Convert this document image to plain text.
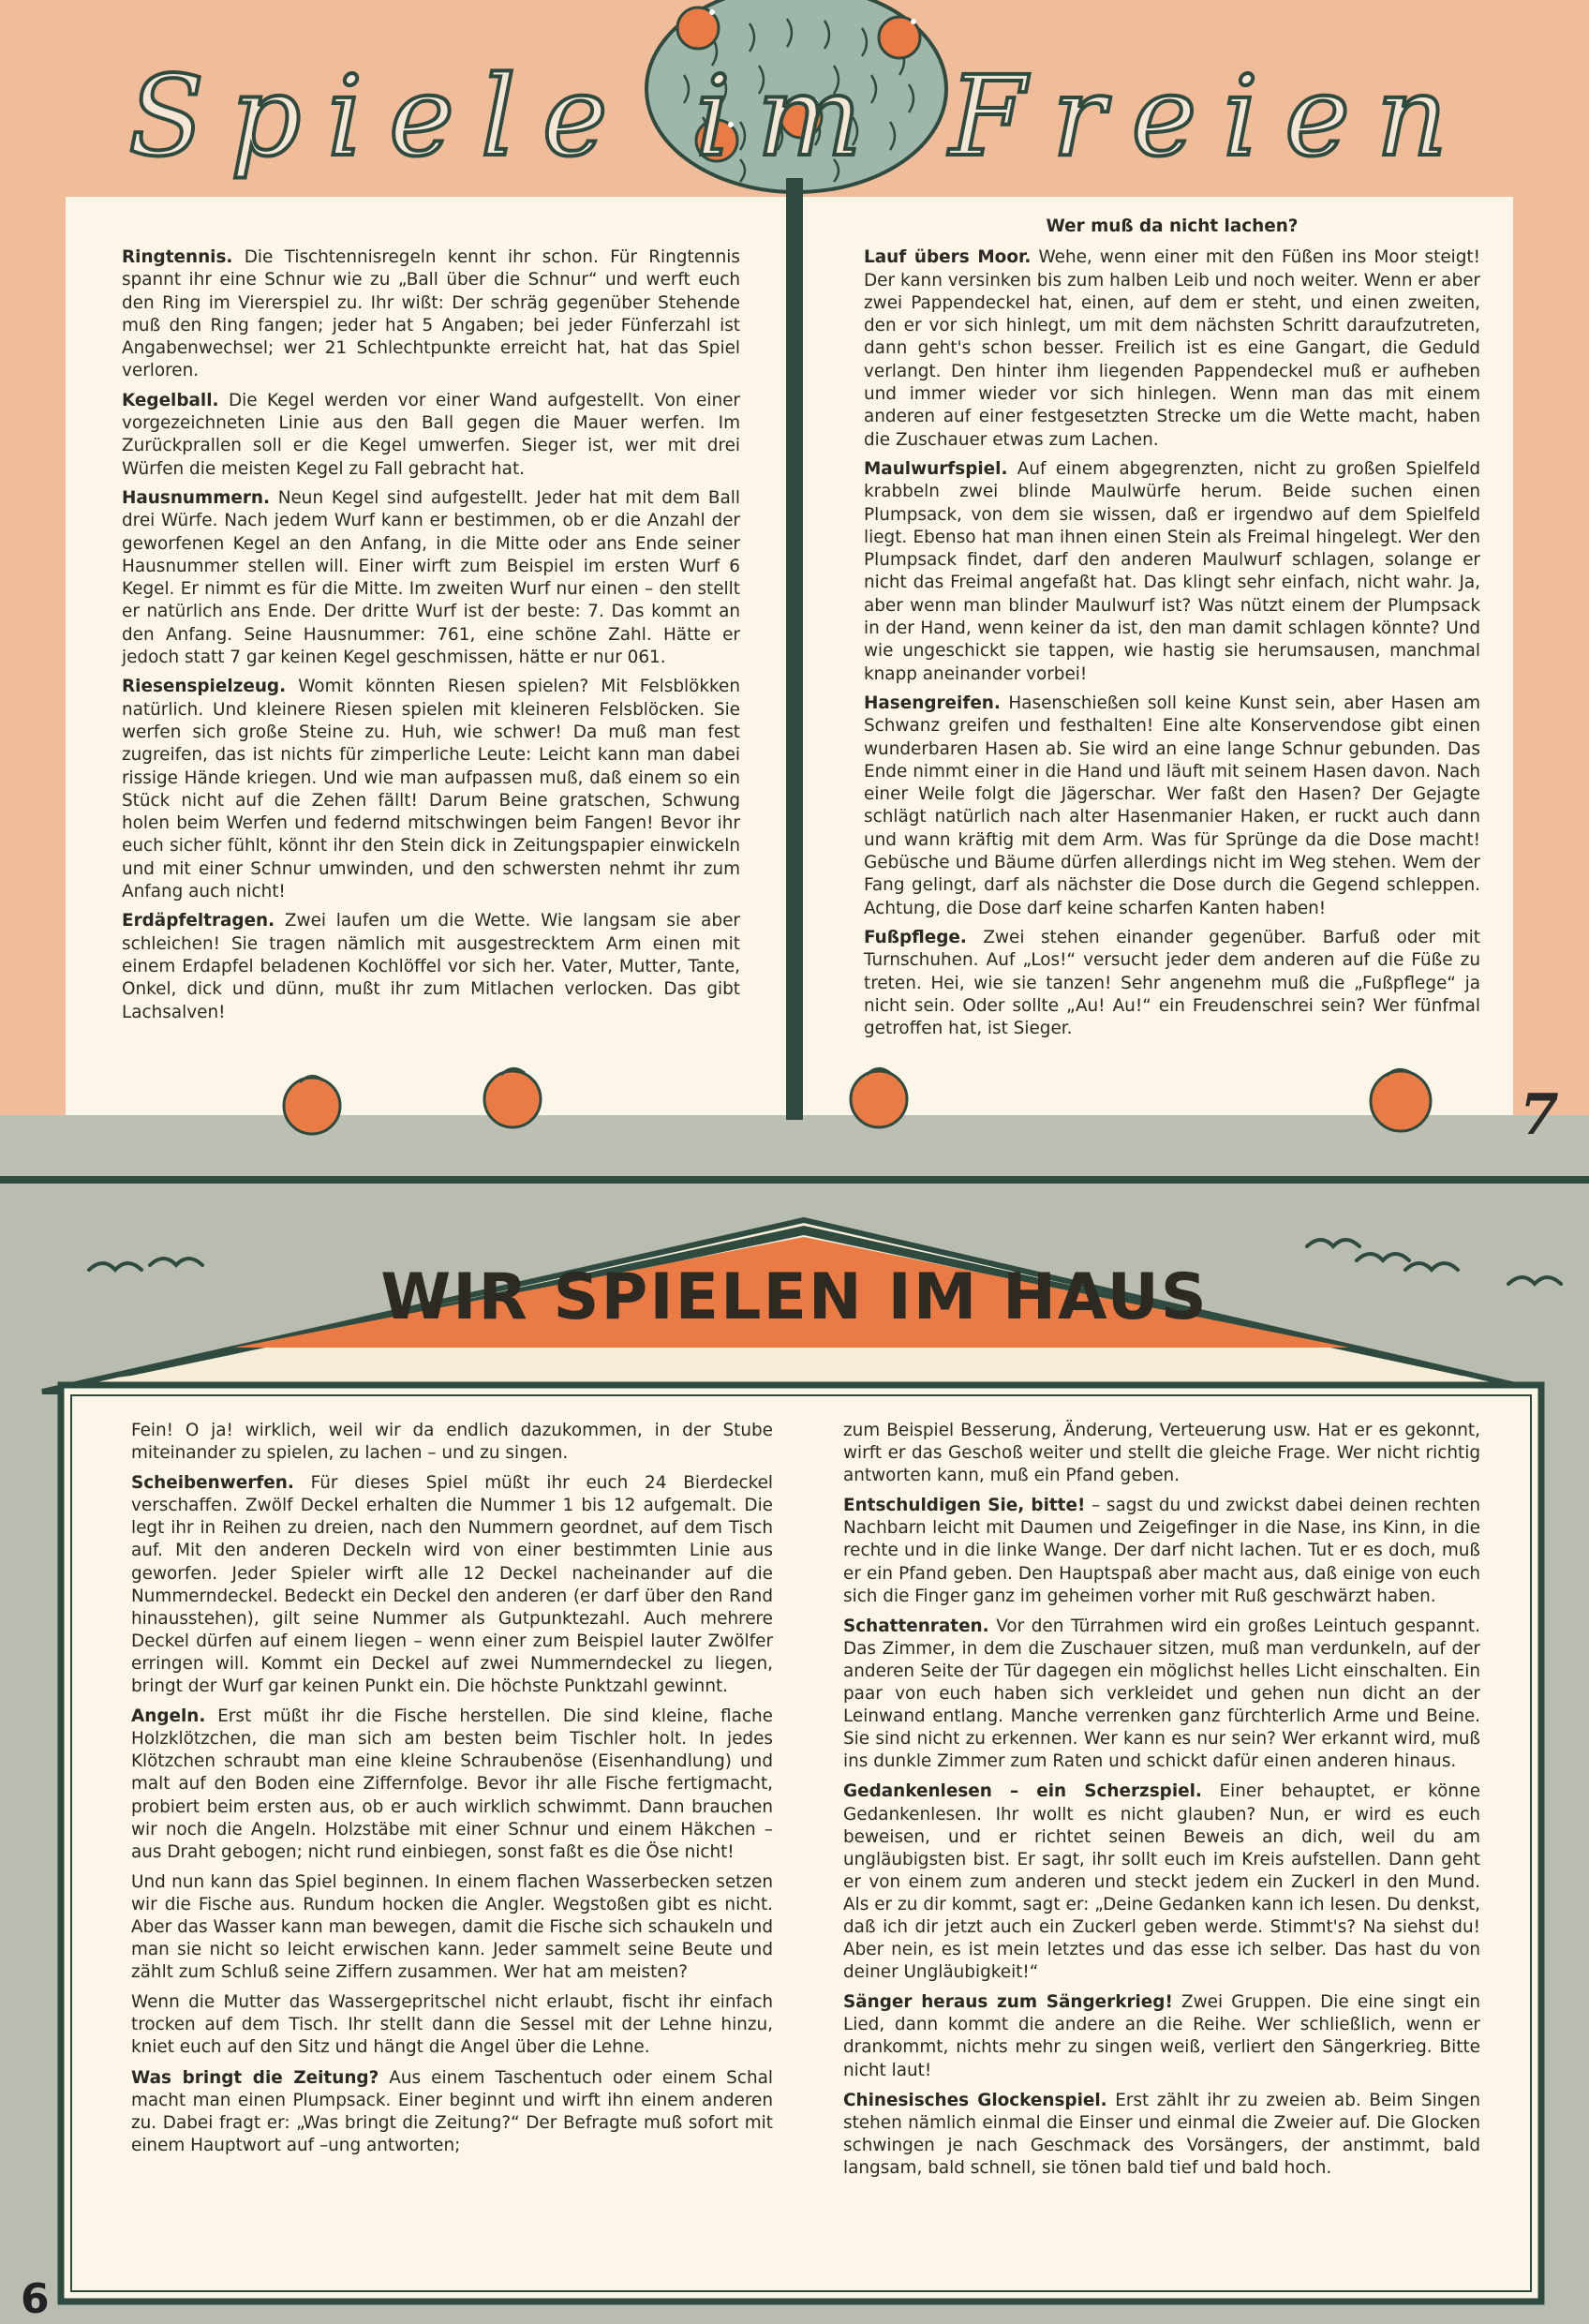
Spiele im Freien

Ringtennis. Die Tischtennisregeln kennt ihr schon. Für Ringtennis spannt ihr eine Schnur wie zu „Ball über die Schnur“ und werft euch den Ring im Viererspiel zu. Ihr wißt: Der schräg gegenüber Stehende muß den Ring fangen; jeder hat 5 Angaben; bei jeder Fünferzahl ist Angabenwechsel; wer 21 Schlechtpunkte erreicht hat, hat das Spiel verloren.

Kegelball. Die Kegel werden vor einer Wand aufgestellt. Von einer vorgezeichneten Linie aus den Ball gegen die Mauer werfen. Im Zurückprallen soll er die Kegel umwerfen. Sieger ist, wer mit drei Würfen die meisten Kegel zu Fall gebracht hat.

Hausnummern. Neun Kegel sind aufgestellt. Jeder hat mit dem Ball drei Würfe. Nach jedem Wurf kann er bestimmen, ob er die Anzahl der geworfenen Kegel an den Anfang, in die Mitte oder ans Ende seiner Hausnummer stellen will. Einer wirft zum Beispiel im ersten Wurf 6 Kegel. Er nimmt es für die Mitte. Im zweiten Wurf nur einen – den stellt er natürlich ans Ende. Der dritte Wurf ist der beste: 7. Das kommt an den Anfang. Seine Hausnummer: 761, eine schöne Zahl. Hätte er jedoch statt 7 gar keinen Kegel geschmissen, hätte er nur 061.

Riesenspielzeug. Womit könnten Riesen spielen? Mit Felsblökken natürlich. Und kleinere Riesen spielen mit kleineren Felsblöcken. Sie werfen sich große Steine zu. Huh, wie schwer! Da muß man fest zugreifen, das ist nichts für zimperliche Leute: Leicht kann man dabei rissige Hände kriegen. Und wie man aufpassen muß, daß einem so ein Stück nicht auf die Zehen fällt! Darum Beine gratschen, Schwung holen beim Werfen und federnd mitschwingen beim Fangen! Bevor ihr euch sicher fühlt, könnt ihr den Stein dick in Zeitungspapier einwickeln und mit einer Schnur umwinden, und den schwersten nehmt ihr zum Anfang auch nicht!

Erdäpfeltragen. Zwei laufen um die Wette. Wie langsam sie aber schleichen! Sie tragen nämlich mit ausgestrecktem Arm einen mit einem Erdapfel beladenen Kochlöffel vor sich her. Vater, Mutter, Tante, Onkel, dick und dünn, mußt ihr zum Mitlachen verlocken. Das gibt Lachsalven!

Wer muß da nicht lachen?

Lauf übers Moor. Wehe, wenn einer mit den Füßen ins Moor steigt! Der kann versinken bis zum halben Leib und noch weiter. Wenn er aber zwei Pappendeckel hat, einen, auf dem er steht, und einen zweiten, den er vor sich hinlegt, um mit dem nächsten Schritt daraufzutreten, dann geht's schon besser. Freilich ist es eine Gangart, die Geduld verlangt. Den hinter ihm liegenden Pappendeckel muß er aufheben und immer wieder vor sich hinlegen. Wenn man das mit einem anderen auf einer festgesetzten Strecke um die Wette macht, haben die Zuschauer etwas zum Lachen.

Maulwurfspiel. Auf einem abgegrenzten, nicht zu großen Spielfeld krabbeln zwei blinde Maulwürfe herum. Beide suchen einen Plumpsack, von dem sie wissen, daß er irgendwo auf dem Spielfeld liegt. Ebenso hat man ihnen einen Stein als Freimal hingelegt. Wer den Plumpsack findet, darf den anderen Maulwurf schlagen, solange er nicht das Freimal angefaßt hat. Das klingt sehr einfach, nicht wahr. Ja, aber wenn man blinder Maulwurf ist? Was nützt einem der Plumpsack in der Hand, wenn keiner da ist, den man damit schlagen könnte? Und wie ungeschickt sie tappen, wie hastig sie herumsausen, manchmal knapp aneinander vorbei!

Hasengreifen. Hasenschießen soll keine Kunst sein, aber Hasen am Schwanz greifen und festhalten! Eine alte Konservendose gibt einen wunderbaren Hasen ab. Sie wird an eine lange Schnur gebunden. Das Ende nimmt einer in die Hand und läuft mit seinem Hasen davon. Nach einer Weile folgt die Jägerschar. Wer faßt den Hasen? Der Gejagte schlägt natürlich nach alter Hasenmanier Haken, er ruckt auch dann und wann kräftig mit dem Arm. Was für Sprünge da die Dose macht! Gebüsche und Bäume dürfen allerdings nicht im Weg stehen. Wem der Fang gelingt, darf als nächster die Dose durch die Gegend schleppen. Achtung, die Dose darf keine scharfen Kanten haben!

Fußpflege. Zwei stehen einander gegenüber. Barfuß oder mit Turnschuhen. Auf „Los!“ versucht jeder dem anderen auf die Füße zu treten. Hei, wie sie tanzen! Sehr angenehm muß die „Fußpflege“ ja nicht sein. Oder sollte „Au! Au!“ ein Freudenschrei sein? Wer fünfmal getroffen hat, ist Sieger.

7
WIR SPIELEN IM HAUS

Fein! O ja! wirklich, weil wir da endlich dazukommen, in der Stube miteinander zu spielen, zu lachen – und zu singen.

Scheibenwerfen. Für dieses Spiel müßt ihr euch 24 Bierdeckel verschaffen. Zwölf Deckel erhalten die Nummer 1 bis 12 aufgemalt. Die legt ihr in Reihen zu dreien, nach den Nummern geordnet, auf dem Tisch auf. Mit den anderen Deckeln wird von einer bestimmten Linie aus geworfen. Jeder Spieler wirft alle 12 Deckel nacheinander auf die Nummerndeckel. Bedeckt ein Deckel den anderen (er darf über den Rand hinausstehen), gilt seine Nummer als Gutpunktezahl. Auch mehrere Deckel dürfen auf einem liegen – wenn einer zum Beispiel lauter Zwölfer erringen will. Kommt ein Deckel auf zwei Nummerndeckel zu liegen, bringt der Wurf gar keinen Punkt ein. Die höchste Punktzahl gewinnt.

Angeln. Erst müßt ihr die Fische herstellen. Die sind kleine, flache Holzklötzchen, die man sich am besten beim Tischler holt. In jedes Klötzchen schraubt man eine kleine Schraubenöse (Eisenhandlung) und malt auf den Boden eine Ziffernfolge. Bevor ihr alle Fische fertigmacht, probiert beim ersten aus, ob er auch wirklich schwimmt. Dann brauchen wir noch die Angeln. Holzstäbe mit einer Schnur und einem Häkchen – aus Draht gebogen; nicht rund einbiegen, sonst faßt es die Öse nicht!

Und nun kann das Spiel beginnen. In einem flachen Wasserbecken setzen wir die Fische aus. Rundum hocken die Angler. Wegstoßen gibt es nicht. Aber das Wasser kann man bewegen, damit die Fische sich schaukeln und man sie nicht so leicht erwischen kann. Jeder sammelt seine Beute und zählt zum Schluß seine Ziffern zusammen. Wer hat am meisten?

Wenn die Mutter das Wassergepritschel nicht erlaubt, fischt ihr einfach trocken auf dem Tisch. Ihr stellt dann die Sessel mit der Lehne hinzu, kniet euch auf den Sitz und hängt die Angel über die Lehne.

Was bringt die Zeitung? Aus einem Taschentuch oder einem Schal macht man einen Plumpsack. Einer beginnt und wirft ihn einem anderen zu. Dabei fragt er: „Was bringt die Zeitung?“ Der Befragte muß sofort mit einem Hauptwort auf –ung antworten;

zum Beispiel Besserung, Änderung, Verteuerung usw. Hat er es gekonnt, wirft er das Geschoß weiter und stellt die gleiche Frage. Wer nicht richtig antworten kann, muß ein Pfand geben.

Entschuldigen Sie, bitte! – sagst du und zwickst dabei deinen rechten Nachbarn leicht mit Daumen und Zeigefinger in die Nase, ins Kinn, in die rechte und in die linke Wange. Der darf nicht lachen. Tut er es doch, muß er ein Pfand geben. Den Hauptspaß aber macht aus, daß einige von euch sich die Finger ganz im geheimen vorher mit Ruß geschwärzt haben.

Schattenraten. Vor den Türrahmen wird ein großes Leintuch gespannt. Das Zimmer, in dem die Zuschauer sitzen, muß man verdunkeln, auf der anderen Seite der Tür dagegen ein möglichst helles Licht einschalten. Ein paar von euch haben sich verkleidet und gehen nun dicht an der Leinwand entlang. Manche verrenken ganz fürchterlich Arme und Beine. Sie sind nicht zu erkennen. Wer kann es nur sein? Wer erkannt wird, muß ins dunkle Zimmer zum Raten und schickt dafür einen anderen hinaus.

Gedankenlesen – ein Scherzspiel. Einer behauptet, er könne Gedankenlesen. Ihr wollt es nicht glauben? Nun, er wird es euch beweisen, und er richtet seinen Beweis an dich, weil du am ungläubigsten bist. Er sagt, ihr sollt euch im Kreis aufstellen. Dann geht er von einem zum anderen und steckt jedem ein Zuckerl in den Mund. Als er zu dir kommt, sagt er: „Deine Gedanken kann ich lesen. Du denkst, daß ich dir jetzt auch ein Zuckerl geben werde. Stimmt's? Na siehst du! Aber nein, es ist mein letztes und das esse ich selber. Das hast du von deiner Ungläubigkeit!“

Sänger heraus zum Sängerkrieg! Zwei Gruppen. Die eine singt ein Lied, dann kommt die andere an die Reihe. Wer schließlich, wenn er drankommt, nichts mehr zu singen weiß, verliert den Sängerkrieg. Bitte nicht laut!

Chinesisches Glockenspiel. Erst zählt ihr zu zweien ab. Beim Singen stehen nämlich einmal die Einser und einmal die Zweier auf. Die Glocken schwingen je nach Geschmack des Vorsängers, der anstimmt, bald langsam, bald schnell, sie tönen bald tief und bald hoch.

6
